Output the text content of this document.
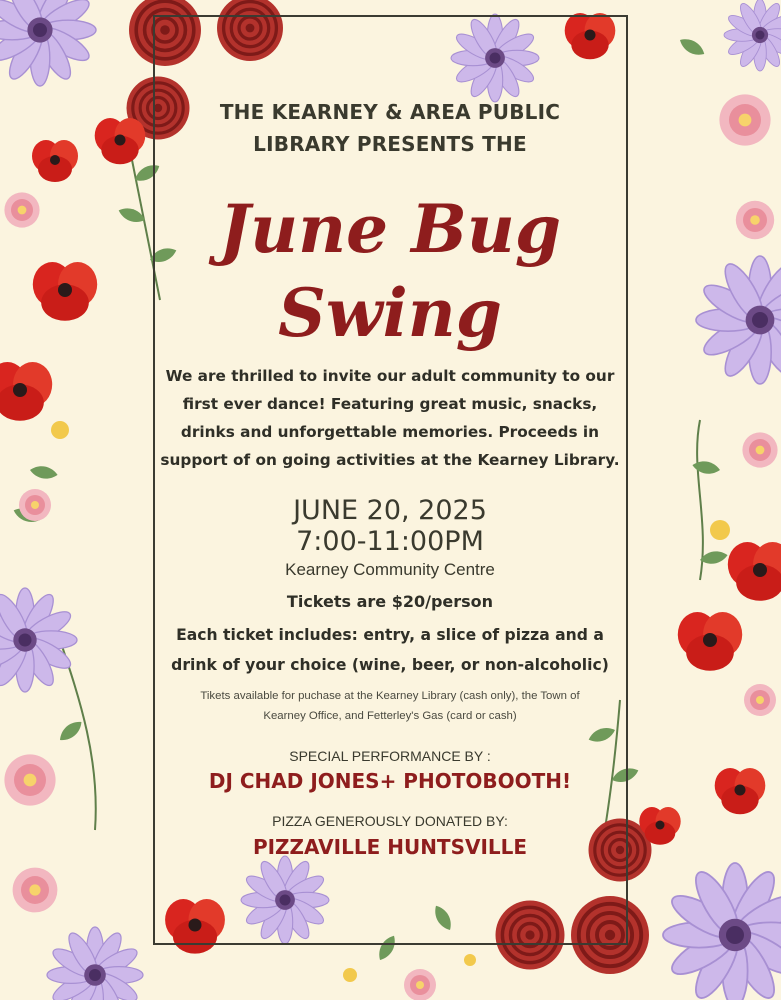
THE KEARNEY & AREA PUBLIC
LIBRARY PRESENTS THE
June Bug
Swing
We are thrilled to invite our adult community to our
first ever dance! Featuring great music, snacks,
drinks and unforgettable memories. Proceeds in
support of on going activities at the Kearney Library.
JUNE 20, 2025
7:00-11:00PM
Kearney Community Centre
Tickets are $20/person
Each ticket includes: entry, a slice of pizza and a
drink of your choice (wine, beer, or non-alcoholic)
Tikets available for puchase at the Kearney Library (cash only), the Town of
Kearney Office, and Fetterley's Gas (card or cash)
SPECIAL PERFORMANCE BY :
DJ CHAD JONES+ PHOTOBOOTH!
PIZZA GENEROUSLY DONATED BY:
PIZZAVILLE HUNTSVILLE
